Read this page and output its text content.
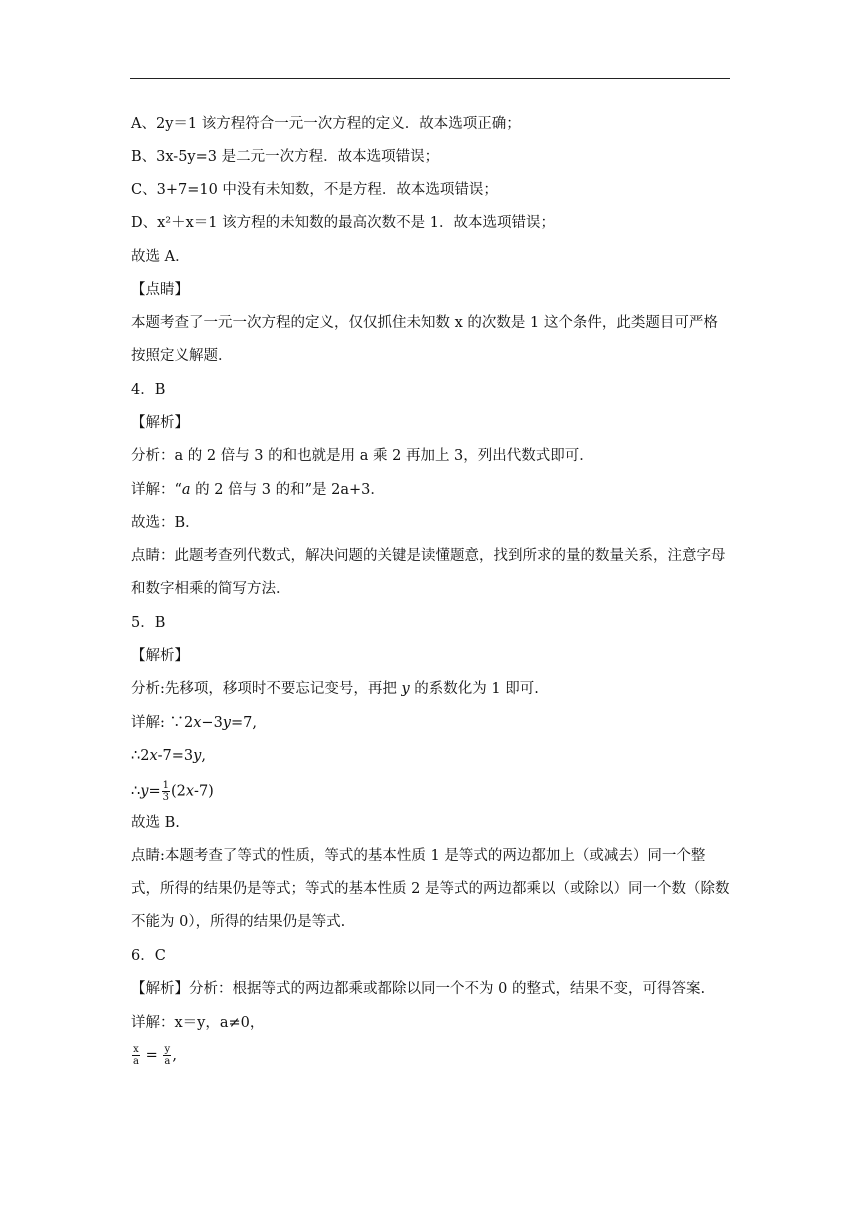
A、2y＝1 该方程符合一元一次方程的定义．故本选项正确；
B、3x-5y=3 是二元一次方程．故本选项错误；
C、3+7=10 中没有未知数，不是方程．故本选项错误；
D、x²＋x＝1 该方程的未知数的最高次数不是 1．故本选项错误；
故选 A．
【点睛】
本题考查了一元一次方程的定义，仅仅抓住未知数 x 的次数是 1 这个条件，此类题目可严格按照定义解题．
4．B
【解析】
分析：a 的 2 倍与 3 的和也就是用 a 乘 2 再加上 3，列出代数式即可．
详解：“a 的 2 倍与 3 的和”是 2a+3．
故选：B．
点睛：此题考查列代数式，解决问题的关键是读懂题意，找到所求的量的数量关系，注意字母和数字相乘的简写方法．
5．B
【解析】
分析:先移项，移项时不要忘记变号，再把 y 的系数化为 1 即可.
详解: ∵2x−3y=7,
∴2x-7=3y,
∴y= $\frac{1}{3} (2x-7)$
故选 B.
点睛:本题考查了等式的性质，等式的基本性质 1 是等式的两边都加上（或减去）同一个整式，所得的结果仍是等式；等式的基本性质 2 是等式的两边都乘以（或除以）同一个数（除数不能为 0），所得的结果仍是等式.
6．C
【解析】分析：根据等式的两边都乘或都除以同一个不为 0 的整式，结果不变，可得答案.
详解：x＝y，a≠0，
$\frac{x}{a} = \frac{y}{a}$ ,
